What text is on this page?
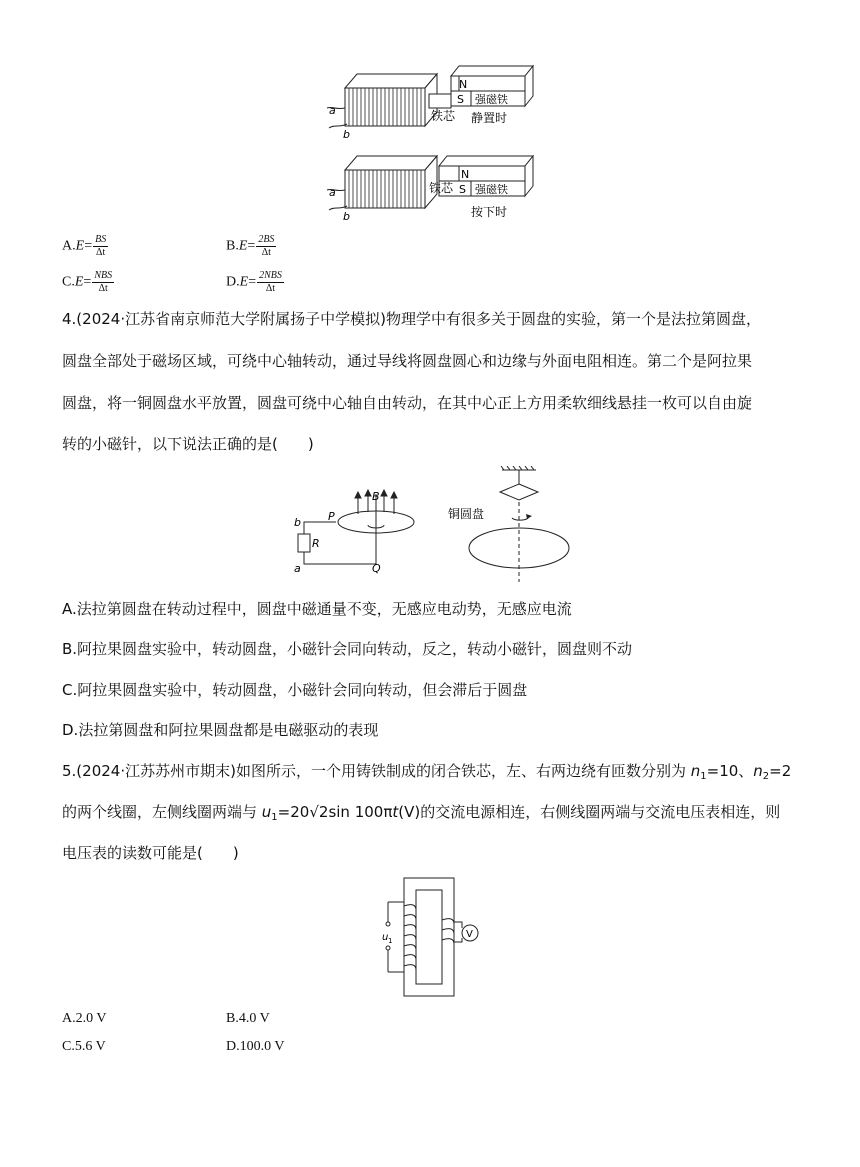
N
S 强磁铁
铁芯 静置时
a
b
N
S 强磁铁
铁芯
按下时
a
b
$A.E= \frac{BS}{\Delta t}$	$B.E= \frac{2BS}{\Delta t}$
$C.E= \frac{\text{NBS}}{\Delta t}$	$D.E= \frac{\text{2NBS}}{\Delta t}$
4.(2024·江苏省南京师范大学附属扬子中学模拟)物理学中有很多关于圆盘的实验，第一个是法拉第圆盘，
圆盘全部处于磁场区域，可绕中心轴转动，通过导线将圆盘圆心和边缘与外面电阻相连。第二个是阿拉果
圆盘，将一铜圆盘水平放置，圆盘可绕中心轴自由转动，在其中心正上方用柔软细线悬挂一枚可以自由旋
转的小磁针，以下说法正确的是(　　)
B
P
Q
R
b
a
铜圆盘
A.法拉第圆盘在转动过程中，圆盘中磁通量不变，无感应电动势，无感应电流
B.阿拉果圆盘实验中，转动圆盘，小磁针会同向转动，反之，转动小磁针，圆盘则不动
C.阿拉果圆盘实验中，转动圆盘，小磁针会同向转动，但会滞后于圆盘
D.法拉第圆盘和阿拉果圆盘都是电磁驱动的表现
5.(2024·江苏苏州市期末)如图所示，一个用铸铁制成的闭合铁芯，左、右两边绕有匝数分别为 $n_1=10$、$n_2=2$
的两个线圈，左侧线圈两端与 $u_1=20√2\sin$ 100πt(V)的交流电源相连，右侧线圈两端与交流电压表相连，则
电压表的读数可能是(　　)
u 1
V
A.2.0 V	B.4.0 V
C.5.6 V	D.100.0 V
